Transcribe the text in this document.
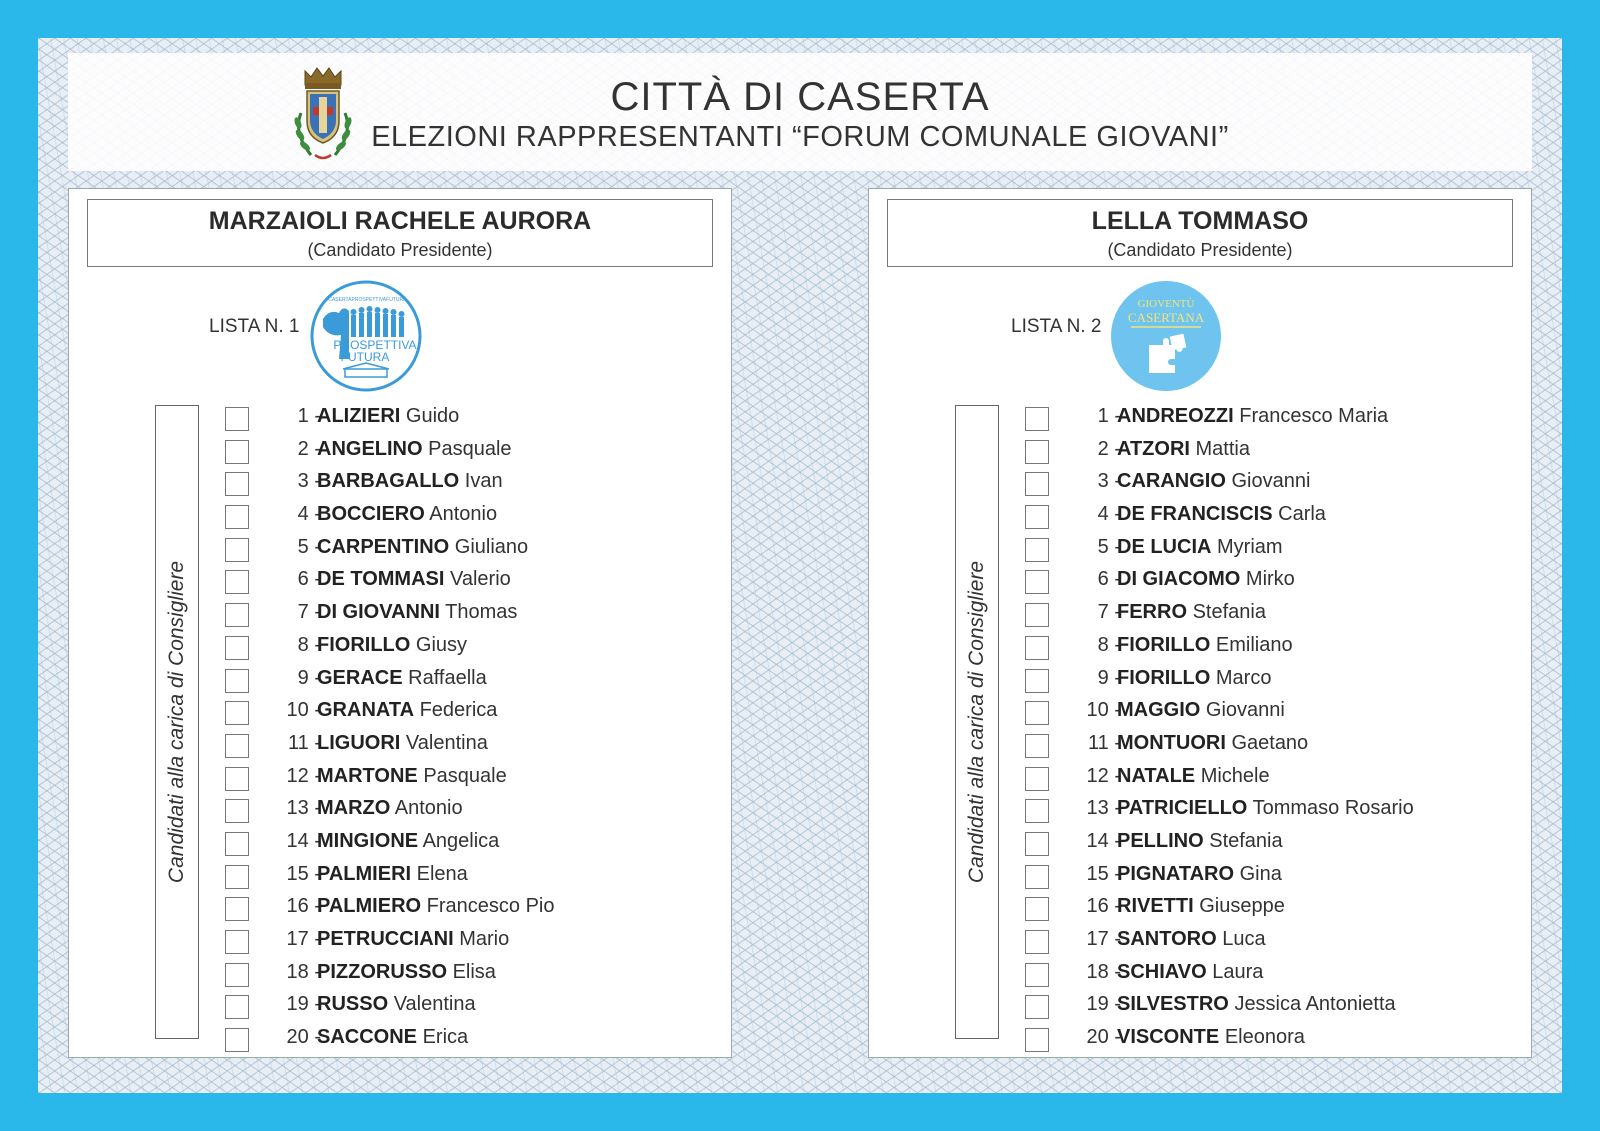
CITTÀ DI CASERTA
ELEZIONI RAPPRESENTANTI “FORUM COMUNALE GIOVANI”
MARZAIOLI RACHELE AURORA
(Candidato Presidente)
LISTA N. 1
#CASERTAPROSPETTIVAFUTURA
PROSPETTIVA
FUTURA
Candidati alla carica di Consigliere
1 -
ALIZIERI Guido
2 -
ANGELINO Pasquale
3 -
BARBAGALLO Ivan
4 -
BOCCIERO Antonio
5 -
CARPENTINO Giuliano
6 -
DE TOMMASI Valerio
7 -
DI GIOVANNI Thomas
8 -
FIORILLO Giusy
9 -
GERACE Raffaella
10 -
GRANATA Federica
11 -
LIGUORI Valentina
12 -
MARTONE Pasquale
13 -
MARZO Antonio
14 -
MINGIONE Angelica
15 -
PALMIERI Elena
16 -
PALMIERO Francesco Pio
17 -
PETRUCCIANI Mario
18 -
PIZZORUSSO Elisa
19 -
RUSSO Valentina
20 -
SACCONE Erica
LELLA TOMMASO
(Candidato Presidente)
LISTA N. 2
GIOVENTÙ
CASERTANA
Candidati alla carica di Consigliere
1 -
ANDREOZZI Francesco Maria
2 -
ATZORI Mattia
3 -
CARANGIO Giovanni
4 -
DE FRANCISCIS Carla
5 -
DE LUCIA Myriam
6 -
DI GIACOMO Mirko
7 -
FERRO Stefania
8 -
FIORILLO Emiliano
9 -
FIORILLO Marco
10 -
MAGGIO Giovanni
11 -
MONTUORI Gaetano
12 -
NATALE Michele
13 -
PATRICIELLO Tommaso Rosario
14 -
PELLINO Stefania
15 -
PIGNATARO Gina
16 -
RIVETTI Giuseppe
17 -
SANTORO Luca
18 -
SCHIAVO Laura
19 -
SILVESTRO Jessica Antonietta
20 -
VISCONTE Eleonora
